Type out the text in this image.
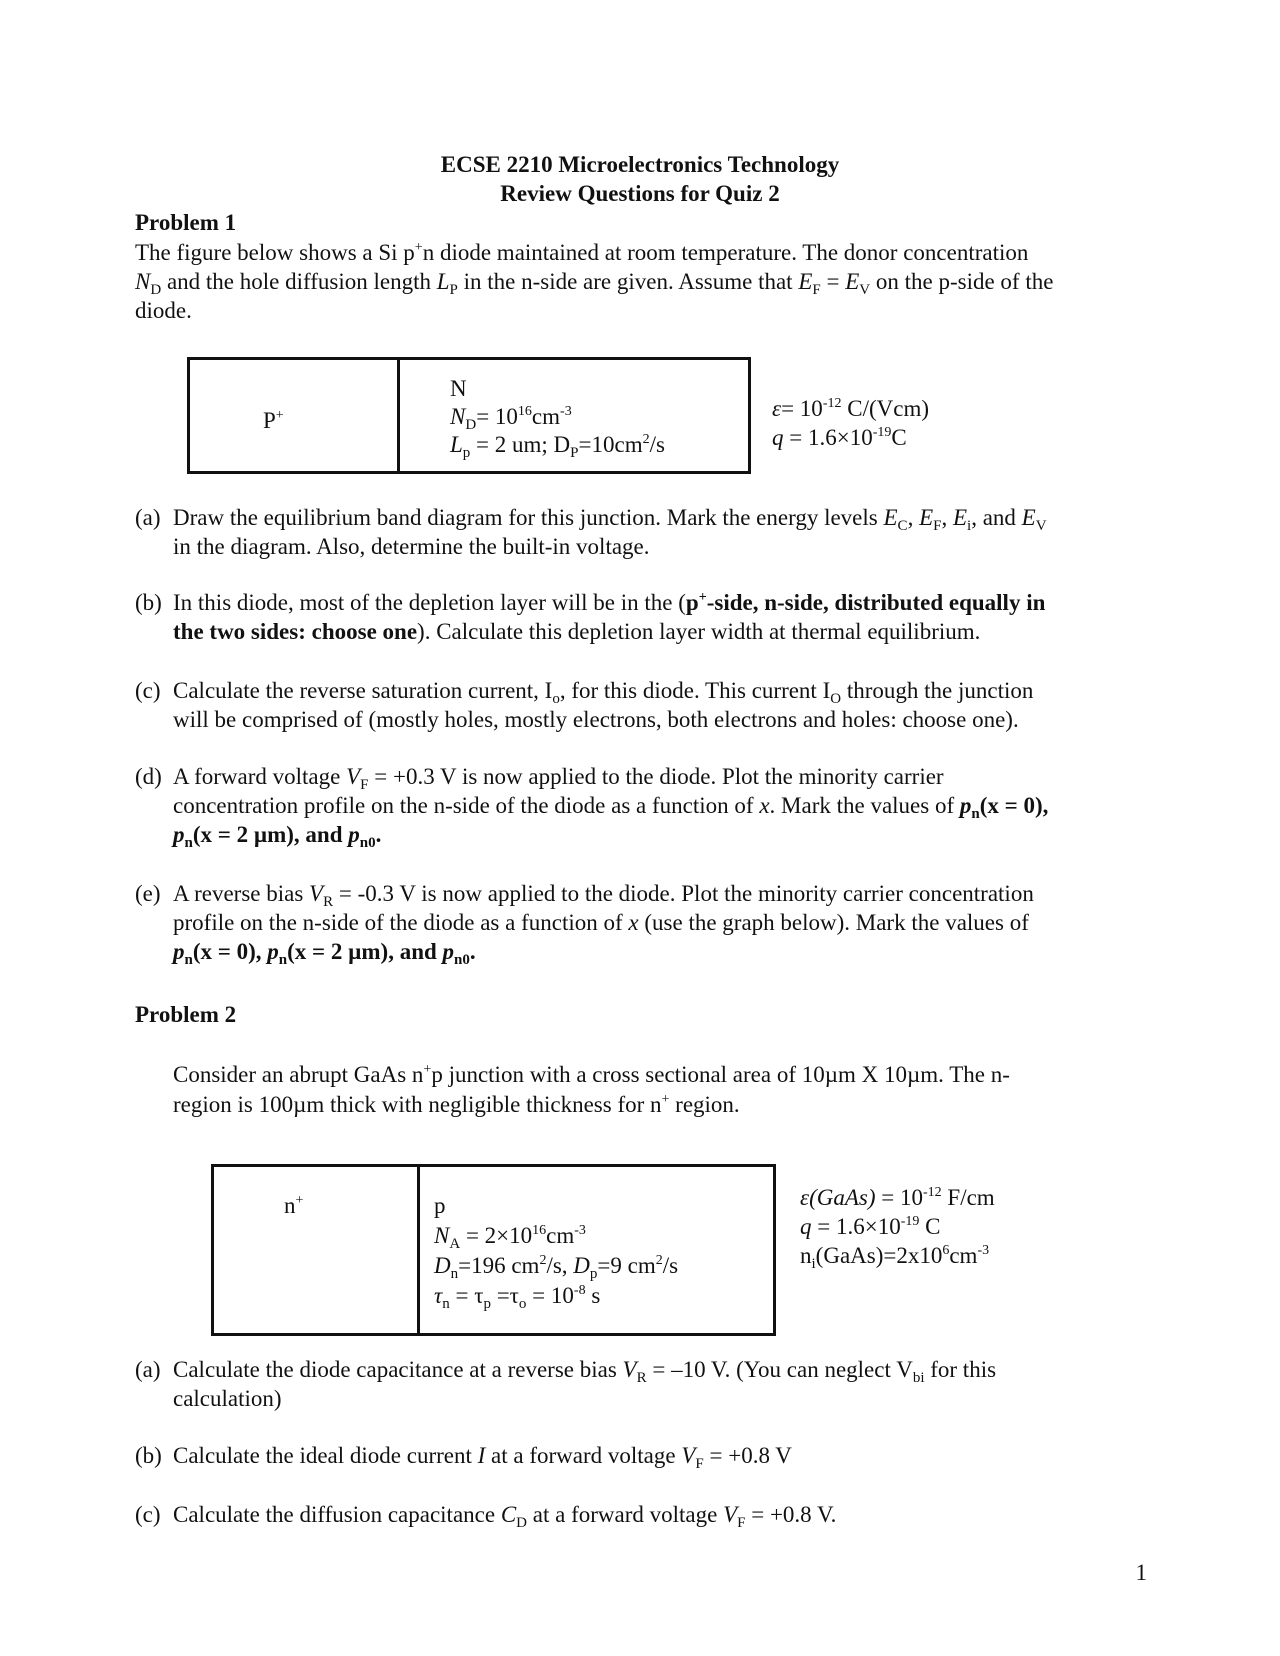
ECSE 2210 Microelectronics Technology
Review Questions for Quiz 2
Problem 1
The figure below shows a Si p+n diode maintained at room temperature. The donor concentration
$N_D$ and the hole diffusion length $L_P$ in the n-side are given. Assume that $E_F = E_V$ on the p-side of the
diode.
P+
N
$N_D= 10^{16}cm^{-3}$
$L_p = 2$ um; $D_P=10cm^2/s$
$\varepsilon= 10^{-12}$ C/(Vcm)
$q = 1.6\times 10^{-19}C$
(a) Draw the equilibrium band diagram for this junction. Mark the energy levels $E_C$, $E_F$, $E_i$, and $E_V$
in the diagram. Also, determine the built-in voltage.
(b) In this diode, most of the depletion layer will be in the (p+-side, n-side, distributed equally in
the two sides: choose one). Calculate this depletion layer width at thermal equilibrium.
(c) Calculate the reverse saturation current, $I_o$, for this diode. This current $I_O$ through the junction
will be comprised of (mostly holes, mostly electrons, both electrons and holes: choose one).
(d) A forward voltage $V_F = +0.3$ V is now applied to the diode. Plot the minority carrier
concentration profile on the n-side of the diode as a function of x. Mark the values of $p_n(x = 0)$,
$p_n(x = 2$ µm), and $p_{n0}$.
(e) A reverse bias $V_R = -0.3$ V is now applied to the diode. Plot the minority carrier concentration
profile on the n-side of the diode as a function of x (use the graph below). Mark the values of
$p_n(x = 0)$, $p_n(x = 2$ µm), and $p_{n0}$.
Problem 2
Consider an abrupt GaAs n+p junction with a cross sectional area of 10µm X 10µm. The n-
region is 100µm thick with negligible thickness for n+ region.
n+	p
$N_A = 2\times 10^{16}cm^{-3}$
$D_n=196$ $cm^2/s$, $D_p=9$ $cm^2/s$
$\tau_n = \tau_p =\tau_o = 10^{-8}$ s
ε(GaAs) = $10^{-12}$ F/cm
$q = 1.6\times 10^{-19}$ C
$n_i(GaAs)=2x10^6cm^{-3}$
(a) Calculate the diode capacitance at a reverse bias $V_R = -10$ V. (You can neglect $V_{bi}$ for this
calculation)
(b) Calculate the ideal diode current I at a forward voltage $V_F = +0.8$ V
(c) Calculate the diffusion capacitance $C_D$ at a forward voltage $V_F = +0.8$ V.
1
